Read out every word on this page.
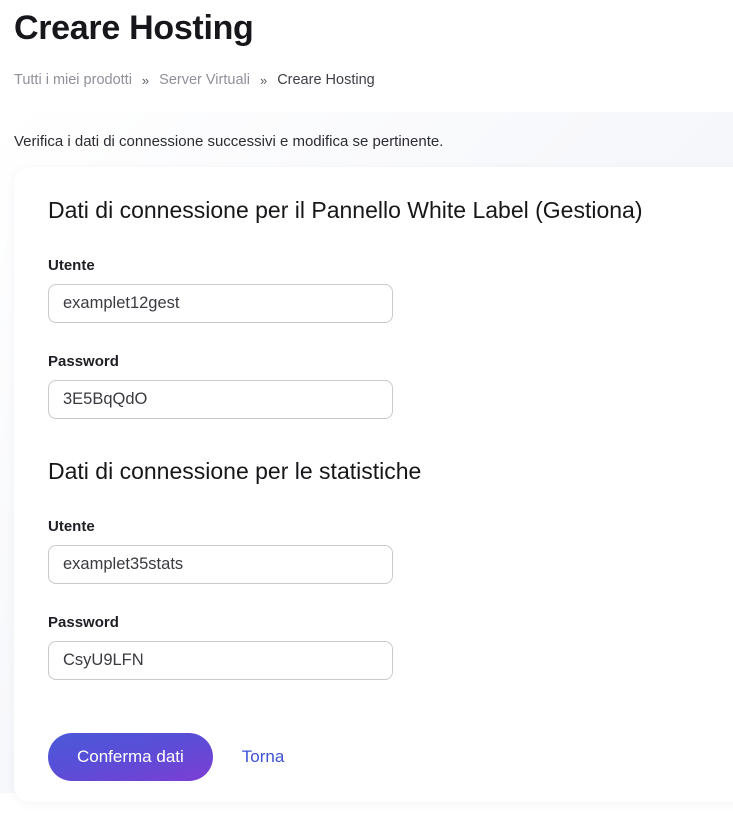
Creare Hosting
Tutti i miei prodotti » Server Virtuali » Creare Hosting

Verifica i dati di connessione successivi e modifica se pertinente.

Dati di connessione per il Pannello White Label (Gestiona)
Utente
examplet12gest
Password
3E5BqQdO
Dati di connessione per le statistiche
Utente
examplet35stats
Password
CsyU9LFN
Conferma dati	Torna
